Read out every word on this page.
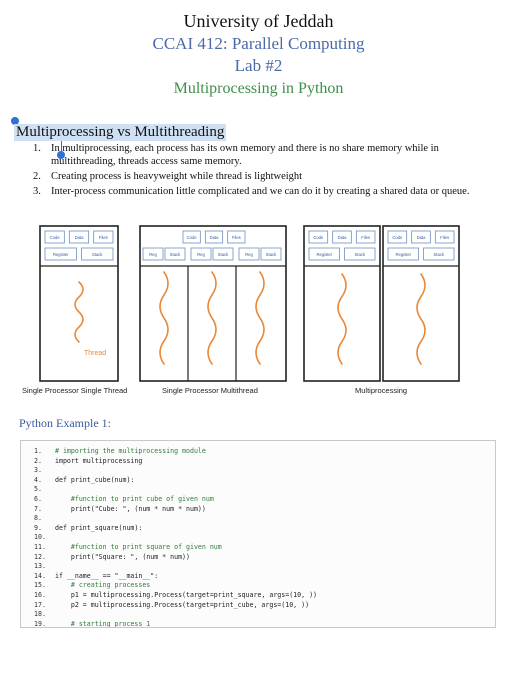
University of Jeddah
CCAI 412: Parallel Computing
Lab #2
Multiprocessing in Python
Multiprocessing vs Multithreading
1. In multiprocessing, each process has its own memory and there is no share memory while in multithreading, threads access same memory.
2. Creating process is heavyweight while thread is lightweight
3. Inter-process communication little complicated and we can do it by creating a shared data or queue.
Code	Data	Files
Register	Stack
Thread
Code	Data	Files
Reg	Stack	Reg	Stack	Reg	Stack
Code	Data	Files
Register	Stack
Code	Data	Files
Register	Stack
Single Processor Single Thread	Single Processor Multithread	Multiprocessing
Python Example 1:
1. # importing the multiprocessing module
2. import multiprocessing
3.
4. def print_cube(num):
5.
6. #function to print cube of given num
7. print("Cube: ", (num * num * num))
8.
9. def print_square(num):
10.
11. #function to print square of given num
12. print("Square: ", (num * num))
13.
14. if __name__ == "__main__":
15. # creating processes
16. p1 = multiprocessing.Process(target=print_square, args=(10, ))
17. p2 = multiprocessing.Process(target=print_cube, args=(10, ))
18.
19. # starting process 1
